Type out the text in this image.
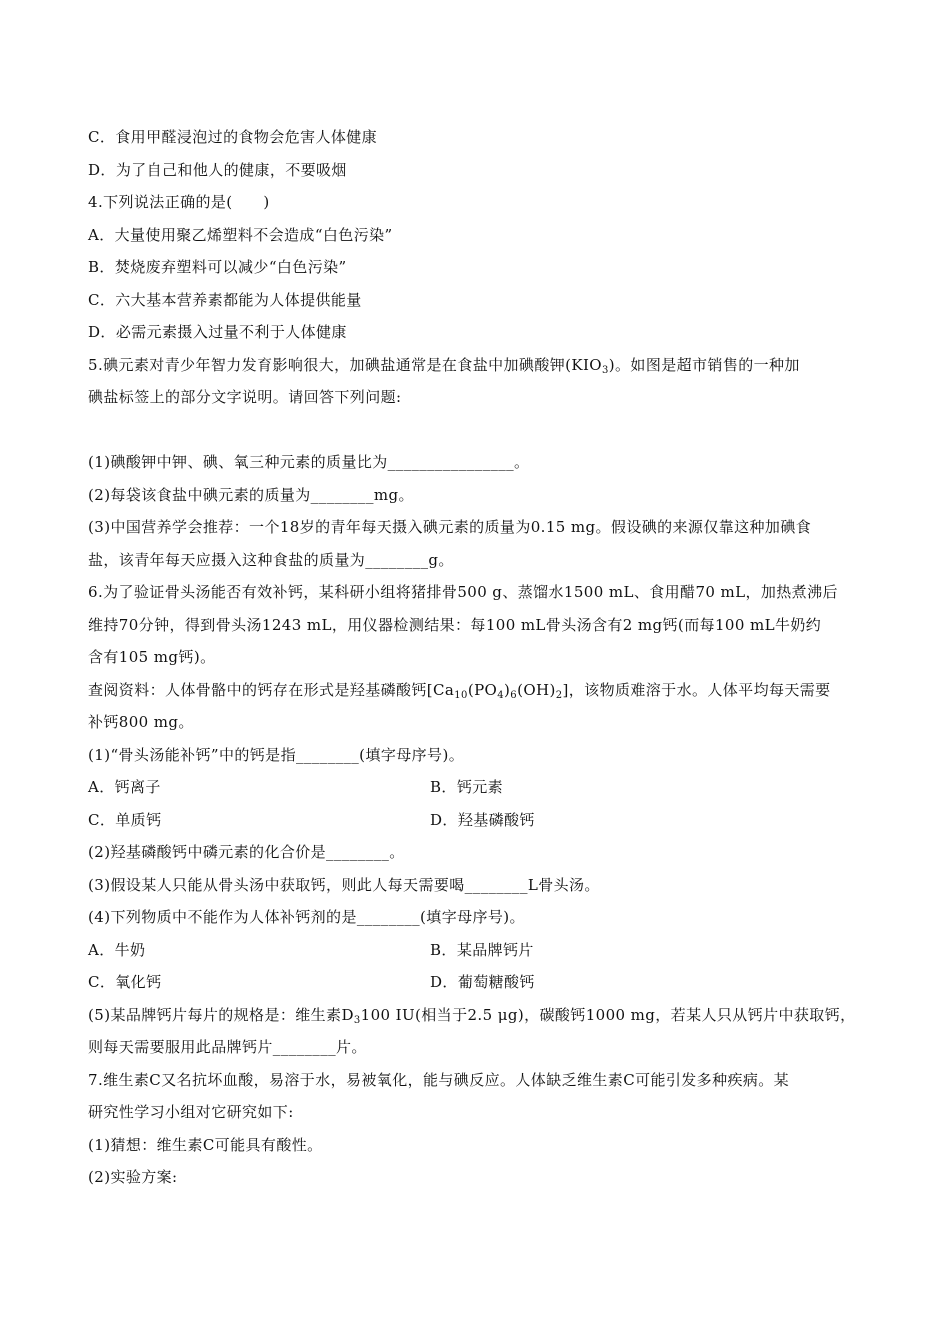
C．食用甲醛浸泡过的食物会危害人体健康
D．为了自己和他人的健康，不要吸烟
4.下列说法正确的是(　　)
A．大量使用聚乙烯塑料不会造成“白色污染”
B．焚烧废弃塑料可以减少“白色污染”
C．六大基本营养素都能为人体提供能量
D．必需元素摄入过量不利于人体健康
5.碘元素对青少年智力发育影响很大，加碘盐通常是在食盐中加碘酸钾$(KIO_3)$。如图是超市销售的一种加
碘盐标签上的部分文字说明。请回答下列问题:
(1)碘酸钾中钾、碘、氧三种元素的质量比为________________。
(2)每袋该食盐中碘元素的质量为________mg。
(3)中国营养学会推荐：一个18岁的青年每天摄入碘元素的质量为0.15 mg。假设碘的来源仅靠这种加碘食
盐，该青年每天应摄入这种食盐的质量为________g。
6.为了验证骨头汤能否有效补钙，某科研小组将猪排骨500 g、蒸馏水1500 mL、食用醋70 mL，加热煮沸后
维持70分钟，得到骨头汤1243 mL，用仪器检测结果：每100 mL骨头汤含有2 mg钙(而每100 mL牛奶约
含有105 mg钙)。
查阅资料：人体骨骼中的钙存在形式是羟基磷酸钙$[Ca_{10}(PO_4)_6(OH)_2]$，该物质难溶于水。人体平均每天需要
补钙800 mg。
(1)“骨头汤能补钙”中的钙是指________(填字母序号)。
A．钙离子	B．钙元素
C．单质钙	D．羟基磷酸钙
(2)羟基磷酸钙中磷元素的化合价是________。
(3)假设某人只能从骨头汤中获取钙，则此人每天需要喝________L骨头汤。
(4)下列物质中不能作为人体补钙剂的是________(填字母序号)。
A．牛奶	B．某品牌钙片
C．氧化钙	D．葡萄糖酸钙
(5)某品牌钙片每片的规格是：维生素$D_3100$ IU(相当于2.5 μg)，碳酸钙1000 mg，若某人只从钙片中获取钙，
则每天需要服用此品牌钙片________片。
7.维生素C又名抗坏血酸，易溶于水，易被氧化，能与碘反应。人体缺乏维生素C可能引发多种疾病。某
研究性学习小组对它研究如下:
(1)猜想：维生素C可能具有酸性。
(2)实验方案:
